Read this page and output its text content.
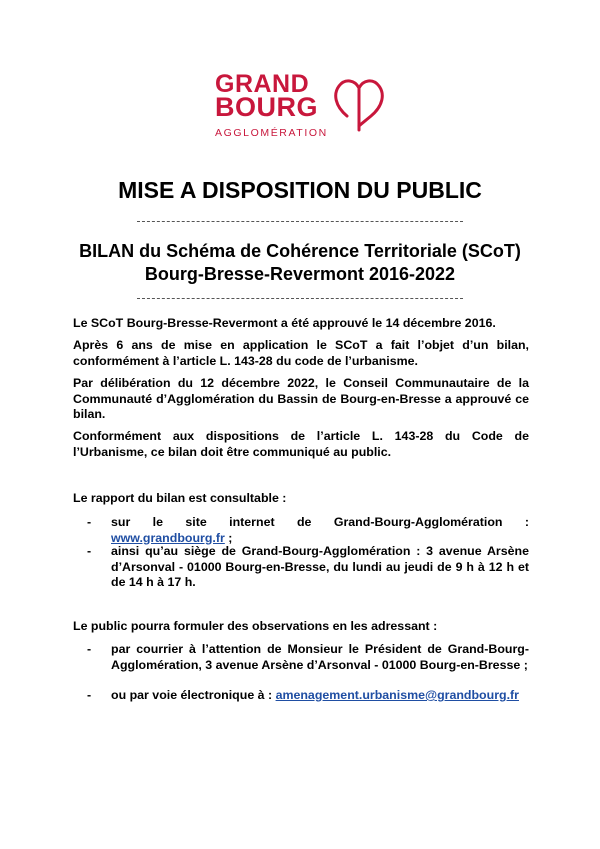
GRAND
BOURG
AGGLOMÉRATION
MISE A DISPOSITION DU PUBLIC
BILAN du Schéma de Cohérence Territoriale (SCoT)
Bourg-Bresse-Revermont 2016-2022

Le SCoT Bourg-Bresse-Revermont a été approuvé le 14 décembre 2016.

Après 6 ans de mise en application le SCoT a fait l’objet d’un bilan, conformément à l’article L. 143-28 du code de l’urbanisme.

Par délibération du 12 décembre 2022, le Conseil Communautaire de la Communauté d’Agglomération du Bassin de Bourg-en-Bresse a approuvé ce bilan.

Conformément aux dispositions de l’article L. 143-28 du Code de l’Urbanisme, ce bilan doit être communiqué au public.

Le rapport du bilan est consultable :

- sur le site internet de Grand-Bourg-Agglomération : www.grandbourg.fr ;
- ainsi qu’au siège de Grand-Bourg-Agglomération : 3 avenue Arsène d’Arsonval - 01000 Bourg-en-Bresse, du lundi au jeudi de 9 h à 12 h et de 14 h à 17 h.

Le public pourra formuler des observations en les adressant :

- par courrier à l’attention de Monsieur le Président de Grand-Bourg-Agglomération, 3 avenue Arsène d’Arsonval - 01000 Bourg-en-Bresse ;
- ou par voie électronique à : amenagement.urbanisme@grandbourg.fr
